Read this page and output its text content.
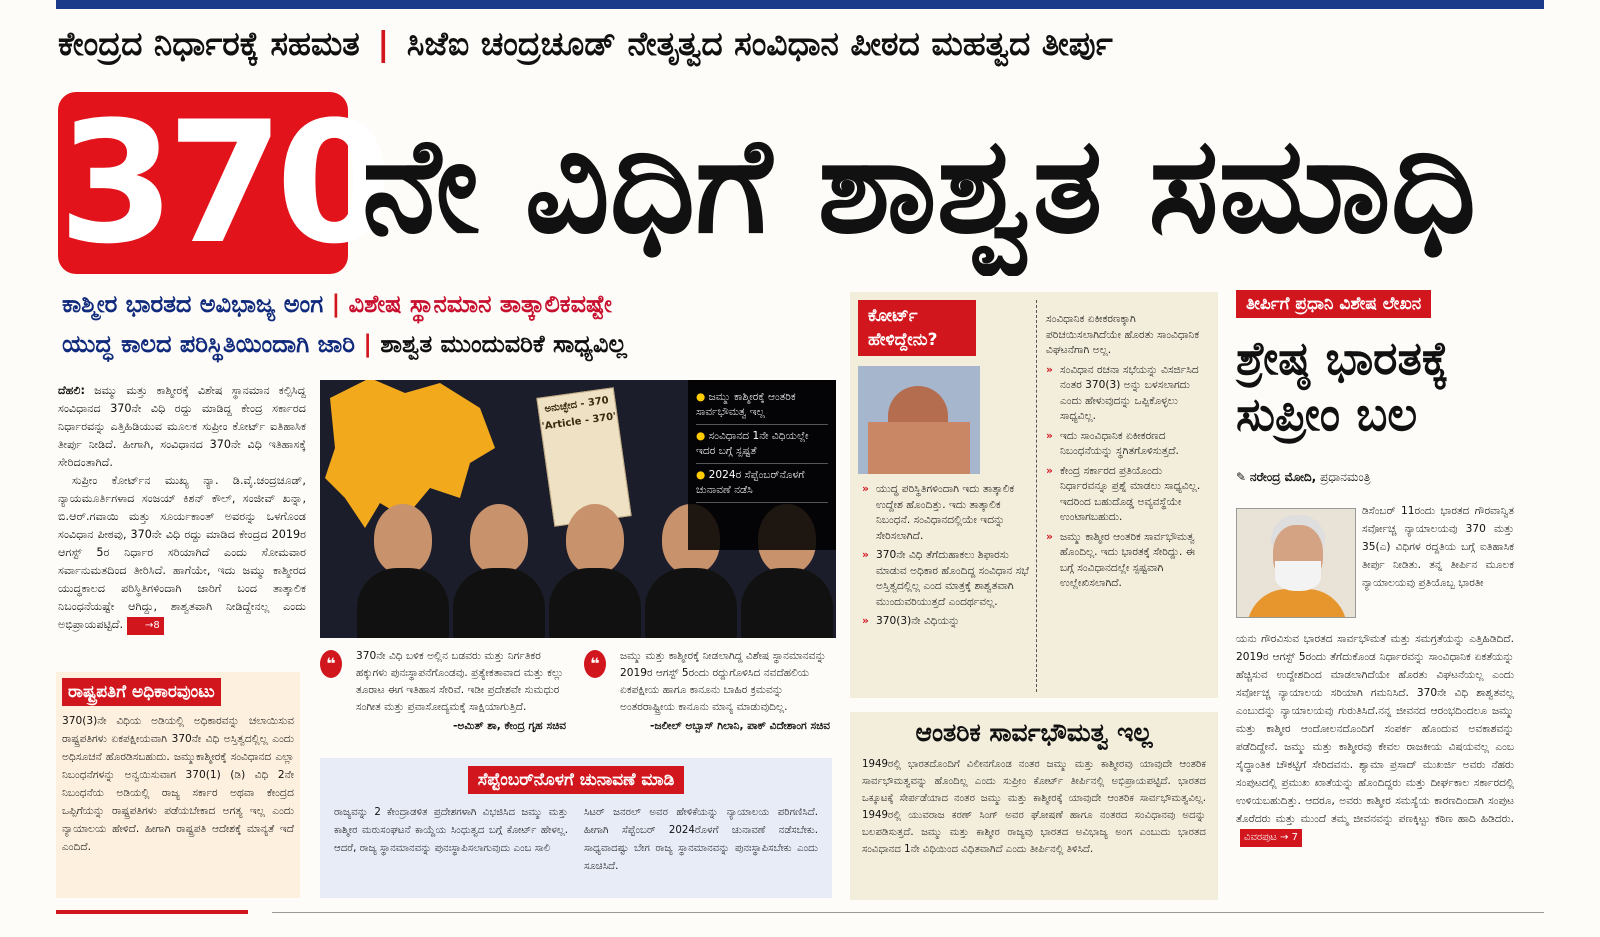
ಕೇಂದ್ರದ ನಿರ್ಧಾರಕ್ಕೆ ಸಹಮತ | ಸಿಜೆಐ ಚಂದ್ರಚೂಡ್ ನೇತೃತ್ವದ ಸಂವಿಧಾನ ಪೀಠದ ಮಹತ್ವದ ತೀರ್ಪು
370
ನೇ ವಿಧಿಗೆ ಶಾಶ್ವತ ಸಮಾಧಿ
ಕಾಶ್ಮೀರ ಭಾರತದ ಅವಿಭಾಜ್ಯ ಅಂಗ | ವಿಶೇಷ ಸ್ಥಾನಮಾನ ತಾತ್ಕಾಲಿಕವಷ್ಟೇ
ಯುದ್ಧ ಕಾಲದ ಪರಿಸ್ಥಿತಿಯಿಂದಾಗಿ ಜಾರಿ | ಶಾಶ್ವತ ಮುಂದುವರಿಕೆ ಸಾಧ್ಯವಿಲ್ಲ

ದೆಹಲಿ: ಜಮ್ಮು ಮತ್ತು ಕಾಶ್ಮೀರಕ್ಕೆ ವಿಶೇಷ ಸ್ಥಾನಮಾನ ಕಲ್ಪಿಸಿದ್ದ ಸಂವಿಧಾನದ 370ನೇ ವಿಧಿ ರದ್ದು ಮಾಡಿದ್ದ ಕೇಂದ್ರ ಸರ್ಕಾರದ ನಿರ್ಧಾರವನ್ನು ಎತ್ತಿಹಿಡಿಯುವ ಮೂಲಕ ಸುಪ್ರೀಂ ಕೋರ್ಟ್ ಐತಿಹಾಸಿಕ ತೀರ್ಪು ನೀಡಿದೆ. ಹೀಗಾಗಿ, ಸಂವಿಧಾನದ 370ನೇ ವಿಧಿ ಇತಿಹಾಸಕ್ಕೆ ಸೇರಿದಂತಾಗಿದೆ.

ಸುಪ್ರೀಂ ಕೋರ್ಟ್‌ನ ಮುಖ್ಯ ನ್ಯಾ. ಡಿ.ವೈ.ಚಂದ್ರಚೂಡ್, ನ್ಯಾಯಮೂರ್ತಿಗಳಾದ ಸಂಜಯ್ ಕಿಶನ್ ಕೌಲ್, ಸಂಜೀವ್ ಖನ್ನಾ, ಬಿ.ಆರ್.ಗವಾಯಿ ಮತ್ತು ಸೂರ್ಯಕಾಂತ್ ಅವರನ್ನು ಒಳಗೊಂಡ ಸಂವಿಧಾನ ಪೀಠವು, 370ನೇ ವಿಧಿ ರದ್ದು ಮಾಡಿದ ಕೇಂದ್ರದ 2019ರ ಆಗಸ್ಟ್ 5ರ ನಿರ್ಧಾರ ಸರಿಯಾಗಿದೆ ಎಂದು ಸೋಮವಾರ ಸರ್ವಾನುಮತದಿಂದ ತೀರಿಸಿದೆ. ಹಾಗೆಯೇ, ಇದು ಜಮ್ಮು ಕಾಶ್ಮೀರದ ಯುದ್ಧಕಾಲದ ಪರಿಸ್ಥಿತಿಗಳಿಂದಾಗಿ ಜಾರಿಗೆ ಬಂದ ತಾತ್ಕಾಲಿಕ ನಿಬಂಧನೆಯಷ್ಟೇ ಆಗಿದ್ದು, ಶಾಶ್ವತವಾಗಿ ನೀಡಿದ್ದೇನಲ್ಲ ಎಂದು ಅಭಿಪ್ರಾಯಪಟ್ಟಿದೆ. →8

ಅನುಚ್ಛೇದ - 370
'Article - 370'
● ಜಮ್ಮು ಕಾಶ್ಮೀರಕ್ಕೆ ಆಂತರಿಕ ಸಾರ್ವಭೌಮತ್ವ ಇಲ್ಲ
● ಸಂವಿಧಾನದ 1ನೇ ವಿಧಿಯಲ್ಲೇ ಇದರ ಬಗ್ಗೆ ಸ್ಪಷ್ಟತೆ
● 2024ರ ಸೆಪ್ಟೆಂಬರ್‌ನೊಳಗೆ ಚುನಾವಣೆ ನಡೆಸಿ
❝	370ನೇ ವಿಧಿ ಬಳಿಕ ಅಲ್ಲಿನ ಬಡವರು ಮತ್ತು ನಿರ್ಗತಿಕರ ಹಕ್ಕುಗಳು ಪುನಃಸ್ಥಾಪನೆಗೊಂಡವು. ಪ್ರತ್ಯೇಕತಾವಾದ ಮತ್ತು ಕಲ್ಲು ತೂರಾಟ ಈಗ ಇತಿಹಾಸ ಸೇರಿವೆ. ಇಡೀ ಪ್ರದೇಶವೇ ಸುಮಧುರ ಸಂಗೀತ ಮತ್ತು ಪ್ರವಾಸೋದ್ಯಮಕ್ಕೆ ಸಾಕ್ಷಿಯಾಗುತ್ತಿದೆ.
-ಅಮಿತ್ ಶಾ, ಕೇಂದ್ರ ಗೃಹ ಸಚಿವ
❝	ಜಮ್ಮು ಮತ್ತು ಕಾಶ್ಮೀರಕ್ಕೆ ನೀಡಲಾಗಿದ್ದ ವಿಶೇಷ ಸ್ಥಾನಮಾನವನ್ನು 2019ರ ಆಗಸ್ಟ್ 5ರಂದು ರದ್ದುಗೊಳಿಸಿದ ನವದೆಹಲಿಯ ಏಕಪಕ್ಷೀಯ ಹಾಗೂ ಕಾನೂನು ಬಾಹಿರ ಕ್ರಮವನ್ನು ಅಂತರರಾಷ್ಟ್ರೀಯ ಕಾನೂನು ಮಾನ್ಯ ಮಾಡುವುದಿಲ್ಲ.
-ಜಲೀಲ್ ಅಬ್ಬಾಸ್ ಗಿಲಾನಿ, ಪಾಕ್ ವಿದೇಶಾಂಗ ಸಚಿವ
ರಾಷ್ಟ್ರಪತಿಗೆ ಅಧಿಕಾರವುಂಟು
370(3)ನೇ ವಿಧಿಯ ಅಡಿಯಲ್ಲಿ ಅಧಿಕಾರವನ್ನು ಚಲಾಯಿಸುವ ರಾಷ್ಟ್ರಪತಿಗಳು ಏಕಪಕ್ಷೀಯವಾಗಿ 370ನೇ ವಿಧಿ ಅಸ್ತಿತ್ವದಲ್ಲಿಲ್ಲ ಎಂದು ಅಧಿಸೂಚನೆ ಹೊರಡಿಸಬಹುದು. ಜಮ್ಮುಕಾಶ್ಮೀರಕ್ಕೆ ಸಂವಿಧಾನದ ಎಲ್ಲಾ ನಿಬಂಧನೆಗಳನ್ನು ಅನ್ವಯಿಸುವಾಗ 370(1) (ಡಿ) ವಿಧಿ 2ನೇ ನಿಬಂಧನೆಯ ಅಡಿಯಲ್ಲಿ ರಾಜ್ಯ ಸರ್ಕಾರ ಅಥವಾ ಕೇಂದ್ರದ ಒಪ್ಪಿಗೆಯನ್ನು ರಾಷ್ಟ್ರಪತಿಗಳು ಪಡೆಯಬೇಕಾದ ಅಗತ್ಯ ಇಲ್ಲ ಎಂದು ನ್ಯಾಯಾಲಯ ಹೇಳಿದೆ. ಹೀಗಾಗಿ ರಾಷ್ಟ್ರಪತಿ ಆದೇಶಕ್ಕೆ ಮಾನ್ಯತೆ ಇದೆ ಎಂದಿದೆ.
ಸೆಪ್ಟೆಂಬರ್‌ನೊಳಗೆ ಚುನಾವಣೆ ಮಾಡಿ
ರಾಜ್ಯವನ್ನು 2 ಕೇಂದ್ರಾಡಳಿತ ಪ್ರದೇಶಗಳಾಗಿ ವಿಭಜಿಸಿದ ಜಮ್ಮು ಮತ್ತು ಕಾಶ್ಮೀರ ಮರುಸಂಘಟನೆ ಕಾಯ್ದೆಯ ಸಿಂಧುತ್ವದ ಬಗ್ಗೆ ಕೋರ್ಟ್ ಹೇಳಲ್ಲ. ಆದರೆ, ರಾಜ್ಯ ಸ್ಥಾನಮಾನವನ್ನು ಪುನಃಸ್ಥಾಪಿಸಲಾಗುವುದು ಎಂಬ ಸಾಲಿ
ಸಿಟರ್ ಜನರಲ್ ಅವರ ಹೇಳಿಕೆಯನ್ನು ನ್ಯಾಯಾಲಯ ಪರಿಗಣಿಸಿದೆ. ಹೀಗಾಗಿ ಸೆಪ್ಟೆಂಬರ್ 2024ರೊಳಗೆ ಚುನಾವಣೆ ನಡೆಸಬೇಕು. ಸಾಧ್ಯವಾದಷ್ಟು ಬೇಗ ರಾಜ್ಯ ಸ್ಥಾನಮಾನವನ್ನು ಪುನಃಸ್ಥಾಪಿಸಬೇಕು ಎಂದು ಸೂಚಿಸಿದೆ.
ಕೋರ್ಟ್ ಹೇಳಿದ್ದೇನು?
» ಯುದ್ಧ ಪರಿಸ್ಥಿತಿಗಳಿಂದಾಗಿ ಇದು ತಾತ್ಕಾಲಿಕ ಉದ್ದೇಶ ಹೊಂದಿತ್ತು. ಇದು ತಾತ್ಕಾಲಿಕ ನಿಬಂಧನೆ. ಸಂವಿಧಾನದಲ್ಲಿಯೇ ಇದನ್ನು ಸೇರಿಸಲಾಗಿದೆ.
» 370ನೇ ವಿಧಿ ತೆಗೆದುಹಾಕಲು ಶಿಫಾರಸು ಮಾಡುವ ಅಧಿಕಾರ ಹೊಂದಿದ್ದ ಸಂವಿಧಾನ ಸಭೆ ಅಸ್ತಿತ್ವದಲ್ಲಿಲ್ಲ ಎಂದ ಮಾತ್ರಕ್ಕೆ ಶಾಶ್ವತವಾಗಿ ಮುಂದುವರಿಯುತ್ತದೆ ಎಂದರ್ಥವಲ್ಲ.
» 370(3)ನೇ ವಿಧಿಯನ್ನು

ಸಂವಿಧಾನಿಕ ಏಕೀಕರಣಕ್ಕಾಗಿ ಪರಿಚಯಿಸಲಾಗಿದೆಯೇ ಹೊರತು ಸಾಂವಿಧಾನಿಕ ವಿಘಟನೆಗಾಗಿ ಅಲ್ಲ.

» ಸಂವಿಧಾನ ರಚನಾ ಸಭೆಯನ್ನು ವಿಸರ್ಜಿಸಿದ ನಂತರ 370(3) ಅನ್ನು ಬಳಸಲಾಗದು ಎಂದು ಹೇಳುವುದನ್ನು ಒಪ್ಪಿಕೊಳ್ಳಲು ಸಾಧ್ಯವಿಲ್ಲ.
» ಇದು ಸಾಂವಿಧಾನಿಕ ಏಕೀಕರಣದ ನಿಬಂಧನೆಯನ್ನು ಸ್ಥಗಿತಗೊಳಿಸುತ್ತದೆ.
» ಕೇಂದ್ರ ಸರ್ಕಾರದ ಪ್ರತಿಯೊಂದು ನಿರ್ಧಾರವನ್ನೂ ಪ್ರಶ್ನೆ ಮಾಡಲು ಸಾಧ್ಯವಿಲ್ಲ. ಇದರಿಂದ ಬಹುದೊಡ್ಡ ಅವ್ಯವಸ್ಥೆಯೇ ಉಂಟಾಗಬಹುದು.
» ಜಮ್ಮು ಕಾಶ್ಮೀರ ಆಂತರಿಕ ಸಾರ್ವಭೌಮತ್ವ ಹೊಂದಿಲ್ಲ. ಇದು ಭಾರತಕ್ಕೆ ಸೇರಿದ್ದು. ಈ ಬಗ್ಗೆ ಸಂವಿಧಾನದಲ್ಲೇ ಸ್ಪಷ್ಟವಾಗಿ ಉಲ್ಲೇಖಿಸಲಾಗಿದೆ.
ಆಂತರಿಕ ಸಾರ್ವಭೌಮತ್ವ ಇಲ್ಲ
1949ರಲ್ಲಿ ಭಾರತದೊಂದಿಗೆ ವಿಲೀನಗೊಂಡ ನಂತರ ಜಮ್ಮು ಮತ್ತು ಕಾಶ್ಮೀರವು ಯಾವುದೇ ಆಂತರಿಕ ಸಾರ್ವಭೌಮತ್ವವನ್ನು ಹೊಂದಿಲ್ಲ ಎಂದು ಸುಪ್ರೀಂ ಕೋರ್ಟ್ ತೀರ್ಪಿನಲ್ಲಿ ಅಭಿಪ್ರಾಯಪಟ್ಟಿದೆ. ಭಾರತದ ಒಕ್ಕೂಟಕ್ಕೆ ಸೇರ್ಪಡೆಯಾದ ನಂತರ ಜಮ್ಮು ಮತ್ತು ಕಾಶ್ಮೀರಕ್ಕೆ ಯಾವುದೇ ಆಂತರಿಕ ಸಾರ್ವಭೌಮತ್ವವಿಲ್ಲ. 1949ರಲ್ಲಿ ಯುವರಾಜ ಕರಣ್ ಸಿಂಗ್ ಅವರ ಘೋಷಣೆ ಹಾಗೂ ನಂತರದ ಸಂವಿಧಾನವು ಅದನ್ನು ಬಲಪಡಿಸುತ್ತದೆ. ಜಮ್ಮು ಮತ್ತು ಕಾಶ್ಮೀರ ರಾಜ್ಯವು ಭಾರತದ ಅವಿಭಾಜ್ಯ ಅಂಗ ಎಂಬುದು ಭಾರತದ ಸಂವಿಧಾನದ 1ನೇ ವಿಧಿಯಿಂದ ವಿಧಿತವಾಗಿದೆ ಎಂದು ತೀರ್ಪಿನಲ್ಲಿ ತಿಳಿಸಿದೆ.
ತೀರ್ಪಿಗೆ ಪ್ರಧಾನಿ ವಿಶೇಷ ಲೇಖನ
ಶ್ರೇಷ್ಠ ಭಾರತಕ್ಕೆ ಸುಪ್ರೀಂ ಬಲ
✎ ನರೇಂದ್ರ ಮೋದಿ, ಪ್ರಧಾನಮಂತ್ರಿ
ಡಿಸೆಂಬರ್ 11ರಂದು ಭಾರತದ ಗೌರವಾನ್ವಿತ ಸರ್ವೋಚ್ಚ ನ್ಯಾಯಾಲಯವು 370 ಮತ್ತು 35(ಎ) ವಿಧಿಗಳ ರದ್ದತಿಯ ಬಗ್ಗೆ ಐತಿಹಾಸಿಕ ತೀರ್ಪು ನೀಡಿತು. ತನ್ನ ತೀರ್ಪಿನ ಮೂಲಕ ನ್ಯಾಯಾಲಯವು ಪ್ರತಿಯೊಬ್ಬ ಭಾರತೀ
ಯನು ಗೌರವಿಸುವ ಭಾರತದ ಸಾರ್ವಭೌಮತೆ ಮತ್ತು ಸಮಗ್ರತೆಯನ್ನು ಎತ್ತಿಹಿಡಿದಿದೆ. 2019ರ ಆಗಸ್ಟ್ 5ರಂದು ತೆಗೆದುಕೊಂಡ ನಿರ್ಧಾರವನ್ನು ಸಾಂವಿಧಾನಿಕ ಏಕತೆಯನ್ನು ಹೆಚ್ಚಿಸುವ ಉದ್ದೇಶದಿಂದ ಮಾಡಲಾಗಿದೆಯೇ ಹೊರತು ವಿಘಟನೆಯಲ್ಲ ಎಂದು ಸರ್ವೋಚ್ಚ ನ್ಯಾಯಾಲಯ ಸರಿಯಾಗಿ ಗಮನಿಸಿದೆ. 370ನೇ ವಿಧಿ ಶಾಶ್ವತವಲ್ಲ ಎಂಬುದನ್ನು ನ್ಯಾಯಾಲಯವು ಗುರುತಿಸಿದೆ.ನನ್ನ ಜೀವನದ ಆರಂಭದಿಂದಲೂ ಜಮ್ಮು ಮತ್ತು ಕಾಶ್ಮೀರ ಆಂದೋಲನದೊಂದಿಗೆ ಸಂಪರ್ಕ ಹೊಂದುವ ಅವಕಾಶವನ್ನು ಪಡೆದಿದ್ದೇನೆ. ಜಮ್ಮು ಮತ್ತು ಕಾಶ್ಮೀರವು ಕೇವಲ ರಾಜಕೀಯ ವಿಷಯವಲ್ಲ ಎಂಬ ಸೈದ್ಧಾಂತಿಕ ಚೌಕಟ್ಟಿಗೆ ಸೇರಿದವನು. ಶ್ಯಾಮಾ ಪ್ರಸಾದ್ ಮುಖರ್ಜಿ ಅವರು ನೆಹರು ಸಂಪುಟದಲ್ಲಿ ಪ್ರಮುಖ ಖಾತೆಯನ್ನು ಹೊಂದಿದ್ದರು ಮತ್ತು ದೀರ್ಘಕಾಲ ಸರ್ಕಾರದಲ್ಲಿ ಉಳಿಯಬಹುದಿತ್ತು. ಆದರೂ, ಅವರು ಕಾಶ್ಮೀರ ಸಮಸ್ಯೆಯ ಕಾರಣದಿಂದಾಗಿ ಸಂಪುಟ ತೊರೆದರು ಮತ್ತು ಮುಂದೆ ತಮ್ಮ ಜೀವನವನ್ನು ಪಣಕ್ಕಿಟ್ಟು ಕಠಿಣ ಹಾದಿ ಹಿಡಿದರು. ವಿವರಪುಟ → 7
